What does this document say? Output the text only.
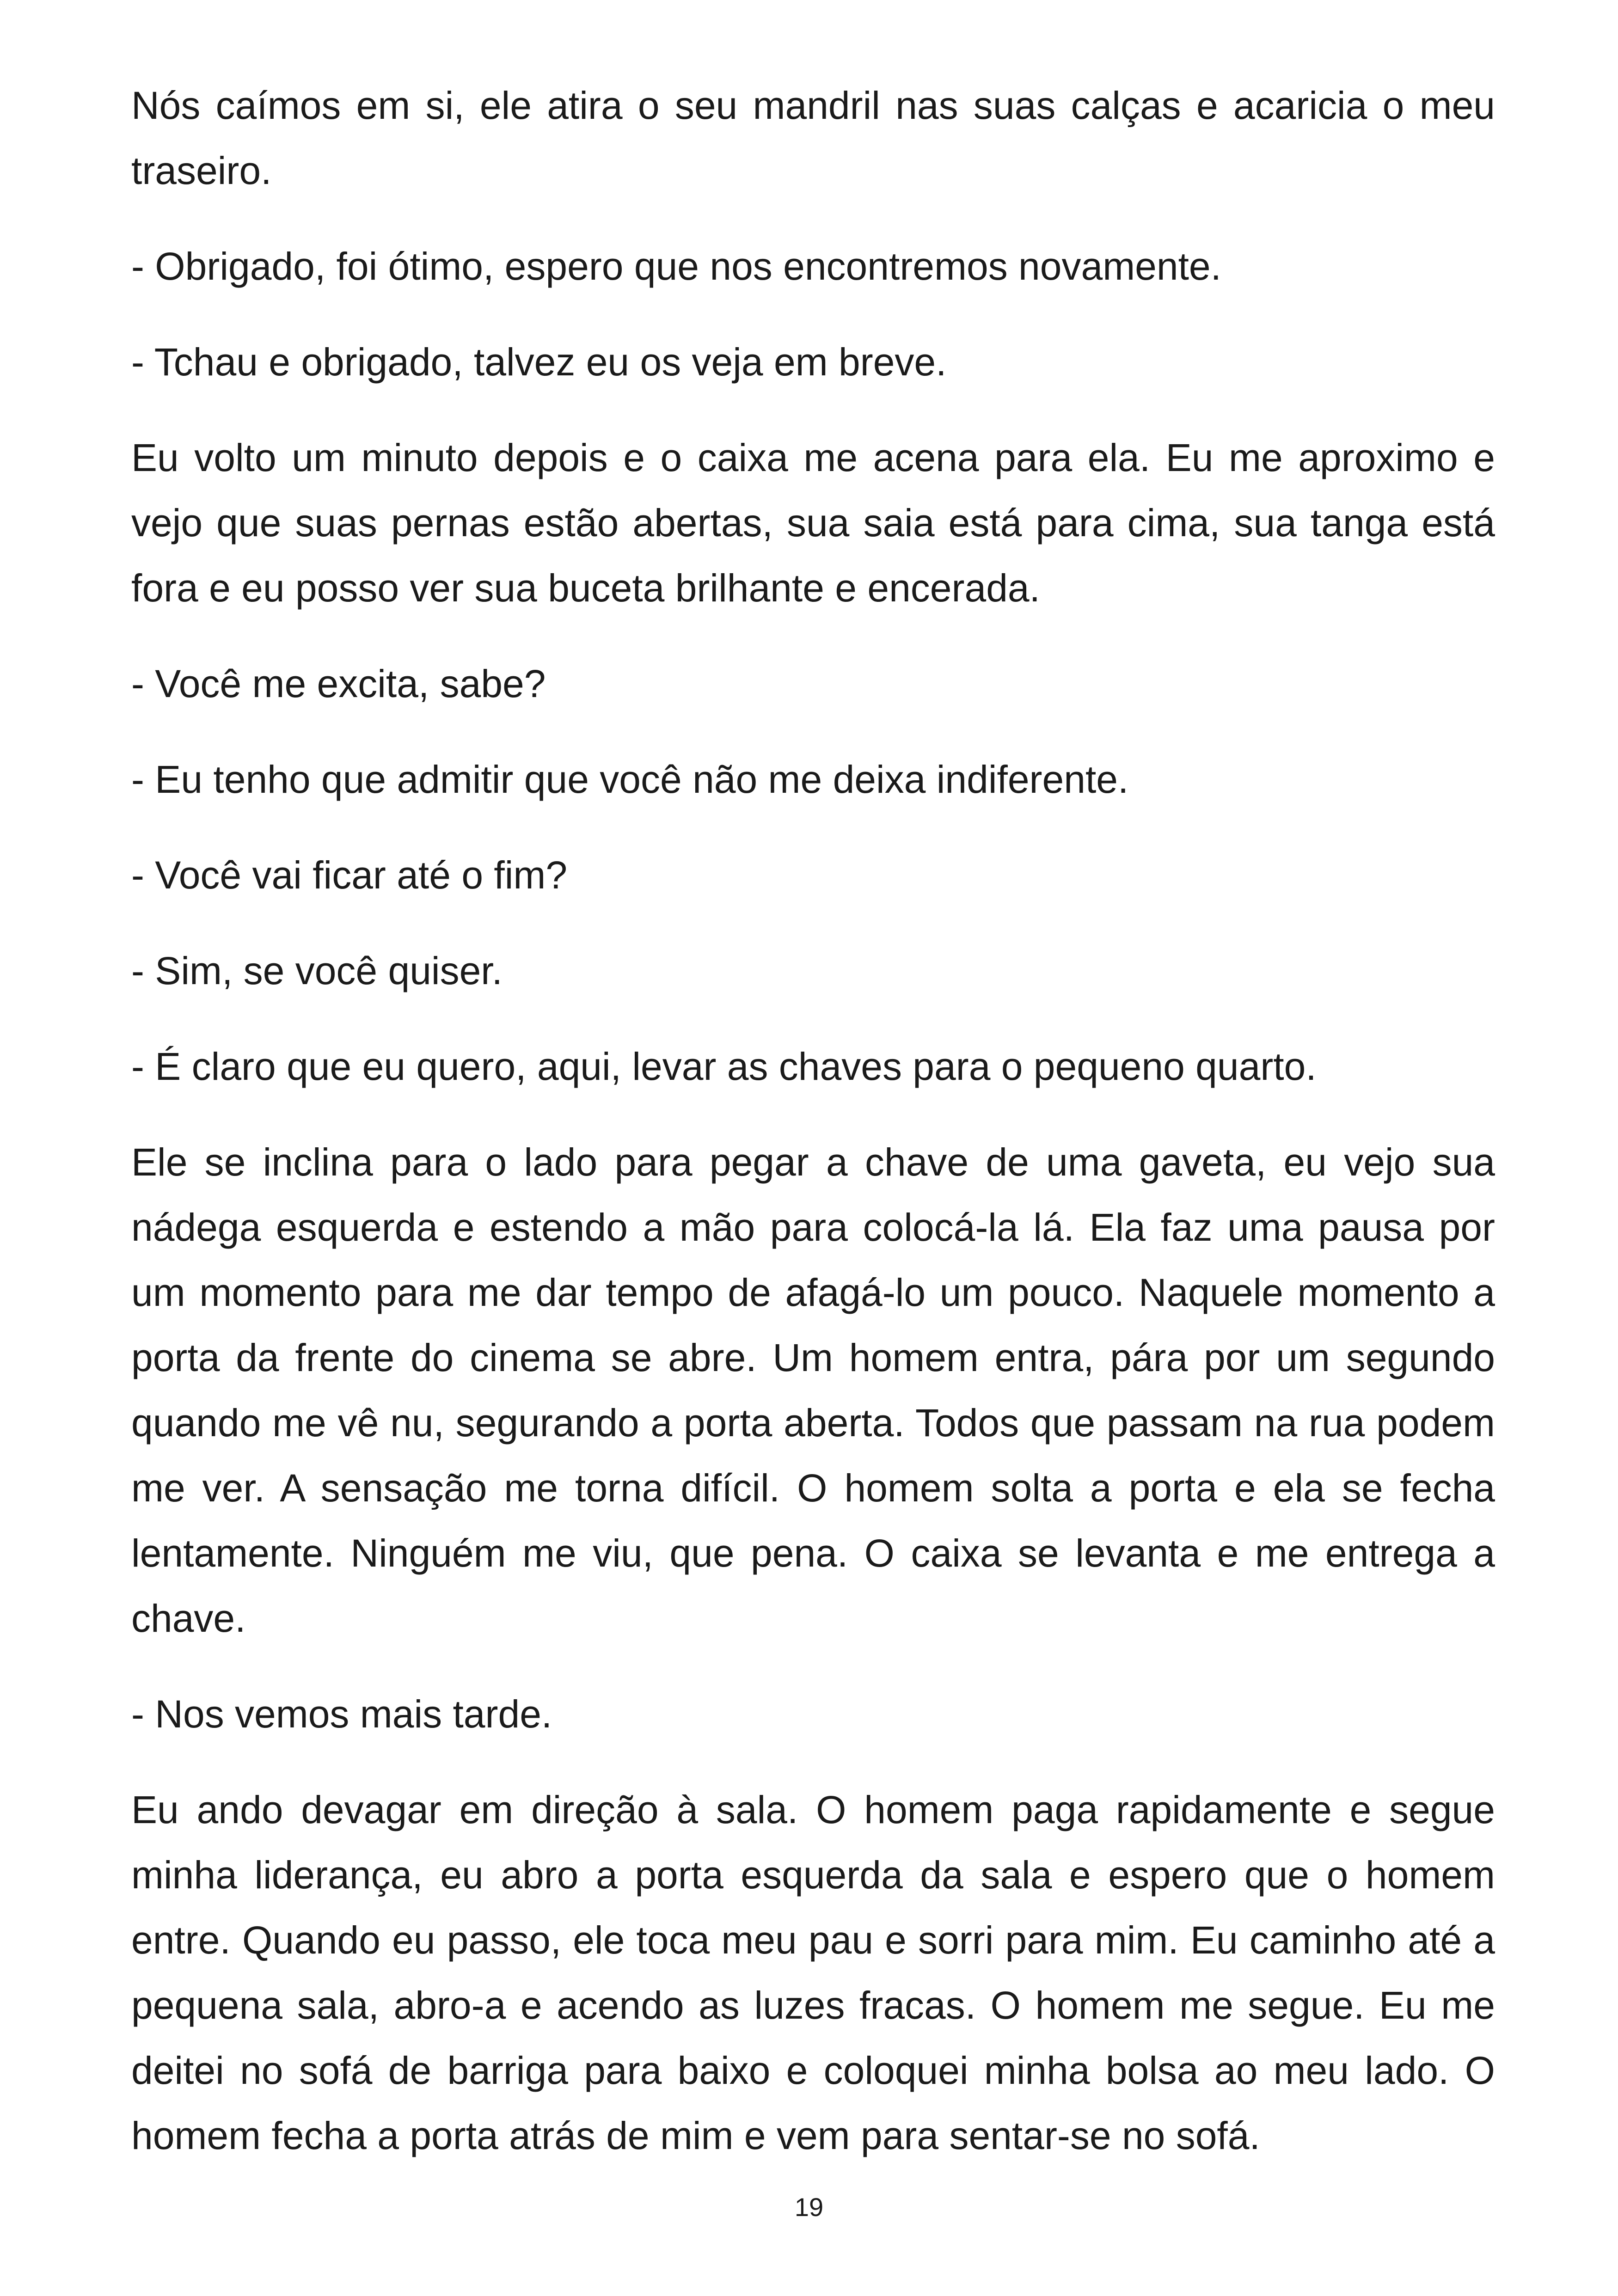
Nós caímos em si, ele atira o seu mandril nas suas calças e acaricia o meu traseiro.

- Obrigado, foi ótimo, espero que nos encontremos novamente.

- Tchau e obrigado, talvez eu os veja em breve.

Eu volto um minuto depois e o caixa me acena para ela. Eu me aproximo e vejo que suas pernas estão abertas, sua saia está para cima, sua tanga está fora e eu posso ver sua buceta brilhante e encerada.

- Você me excita, sabe?

- Eu tenho que admitir que você não me deixa indiferente.

- Você vai ficar até o fim?

- Sim, se você quiser.

- É claro que eu quero, aqui, levar as chaves para o pequeno quarto.

Ele se inclina para o lado para pegar a chave de uma gaveta, eu vejo sua nádega esquerda e estendo a mão para colocá-la lá. Ela faz uma pausa por um momento para me dar tempo de afagá-lo um pouco. Naquele momento a porta da frente do cinema se abre. Um homem entra, pára por um segundo quando me vê nu, segurando a porta aberta. Todos que passam na rua podem me ver. A sensação me torna difícil. O homem solta a porta e ela se fecha lentamente. Ninguém me viu, que pena. O caixa se levanta e me entrega a chave.

- Nos vemos mais tarde.

Eu ando devagar em direção à sala. O homem paga rapidamente e segue minha liderança, eu abro a porta esquerda da sala e espero que o homem entre. Quando eu passo, ele toca meu pau e sorri para mim. Eu caminho até a pequena sala, abro-a e acendo as luzes fracas. O homem me segue. Eu me deitei no sofá de barriga para baixo e coloquei minha bolsa ao meu lado. O homem fecha a porta atrás de mim e vem para sentar-se no sofá.

19
